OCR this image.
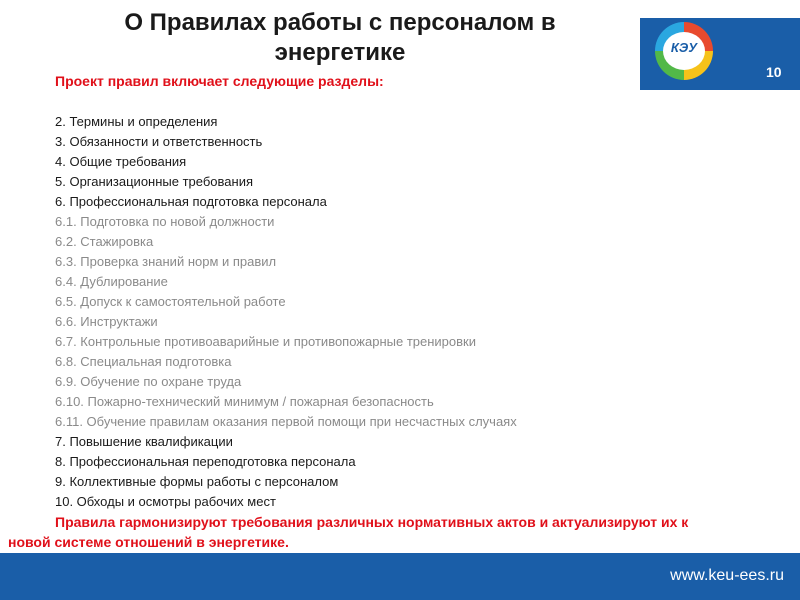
О Правилах работы с персоналом в энергетике	КЭУ
10
Проект правил включает следующие разделы:
2. Термины и определения
3. Обязанности и ответственность
4. Общие требования
5. Организационные требования
6. Профессиональная подготовка персонала
6.1. Подготовка по новой должности
6.2. Стажировка
6.3. Проверка знаний норм и правил
6.4. Дублирование
6.5. Допуск к самостоятельной работе
6.6. Инструктажи
6.7. Контрольные противоаварийные и противопожарные тренировки
6.8. Специальная подготовка
6.9. Обучение по охране труда
6.10. Пожарно-технический минимум / пожарная безопасность
6.11. Обучение правилам оказания первой помощи при несчастных случаях
7. Повышение квалификации
8. Профессиональная переподготовка персонала
9. Коллективные формы работы с персоналом
10. Обходы и осмотры рабочих мест
Правила гармонизируют требования различных нормативных актов и актуализируют их к новой системе отношений в энергетике.
www.keu-ees.ru
